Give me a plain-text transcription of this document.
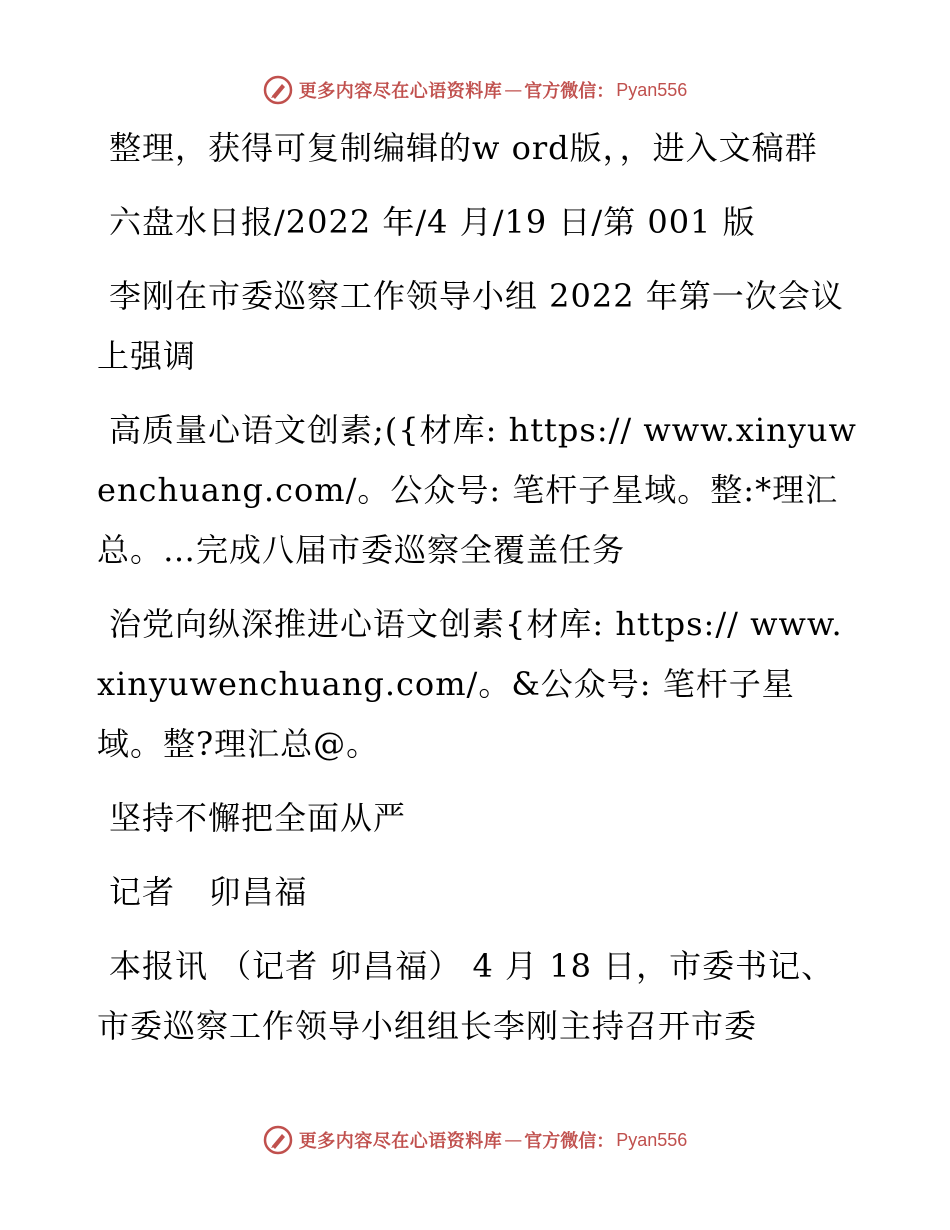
更多内容尽在心语资料库 — 官方微信： Pyan556

整理，获得可复制编辑的w ord版，，进入文稿群

六盘水日报/2022 年/4 月/19 日/第 001 版

李刚在市委巡察工作领导小组 2022 年第一次会议上强调

高质量心语文创素;({材库: https:// www.xinyuwenchuang.com/。公众号: 笔杆子星域。整:*理汇总。…完成八届市委巡察全覆盖任务

治党向纵深推进心语文创素{材库: https:// www.xinyuwenchuang.com/。&公众号: 笔杆子星域。整?理汇总@。

坚持不懈把全面从严

记者   卯昌福

本报讯 （记者 卯昌福） 4 月 18 日，市委书记、市委巡察工作领导小组组长李刚主持召开市委

更多内容尽在心语资料库 — 官方微信： Pyan556
